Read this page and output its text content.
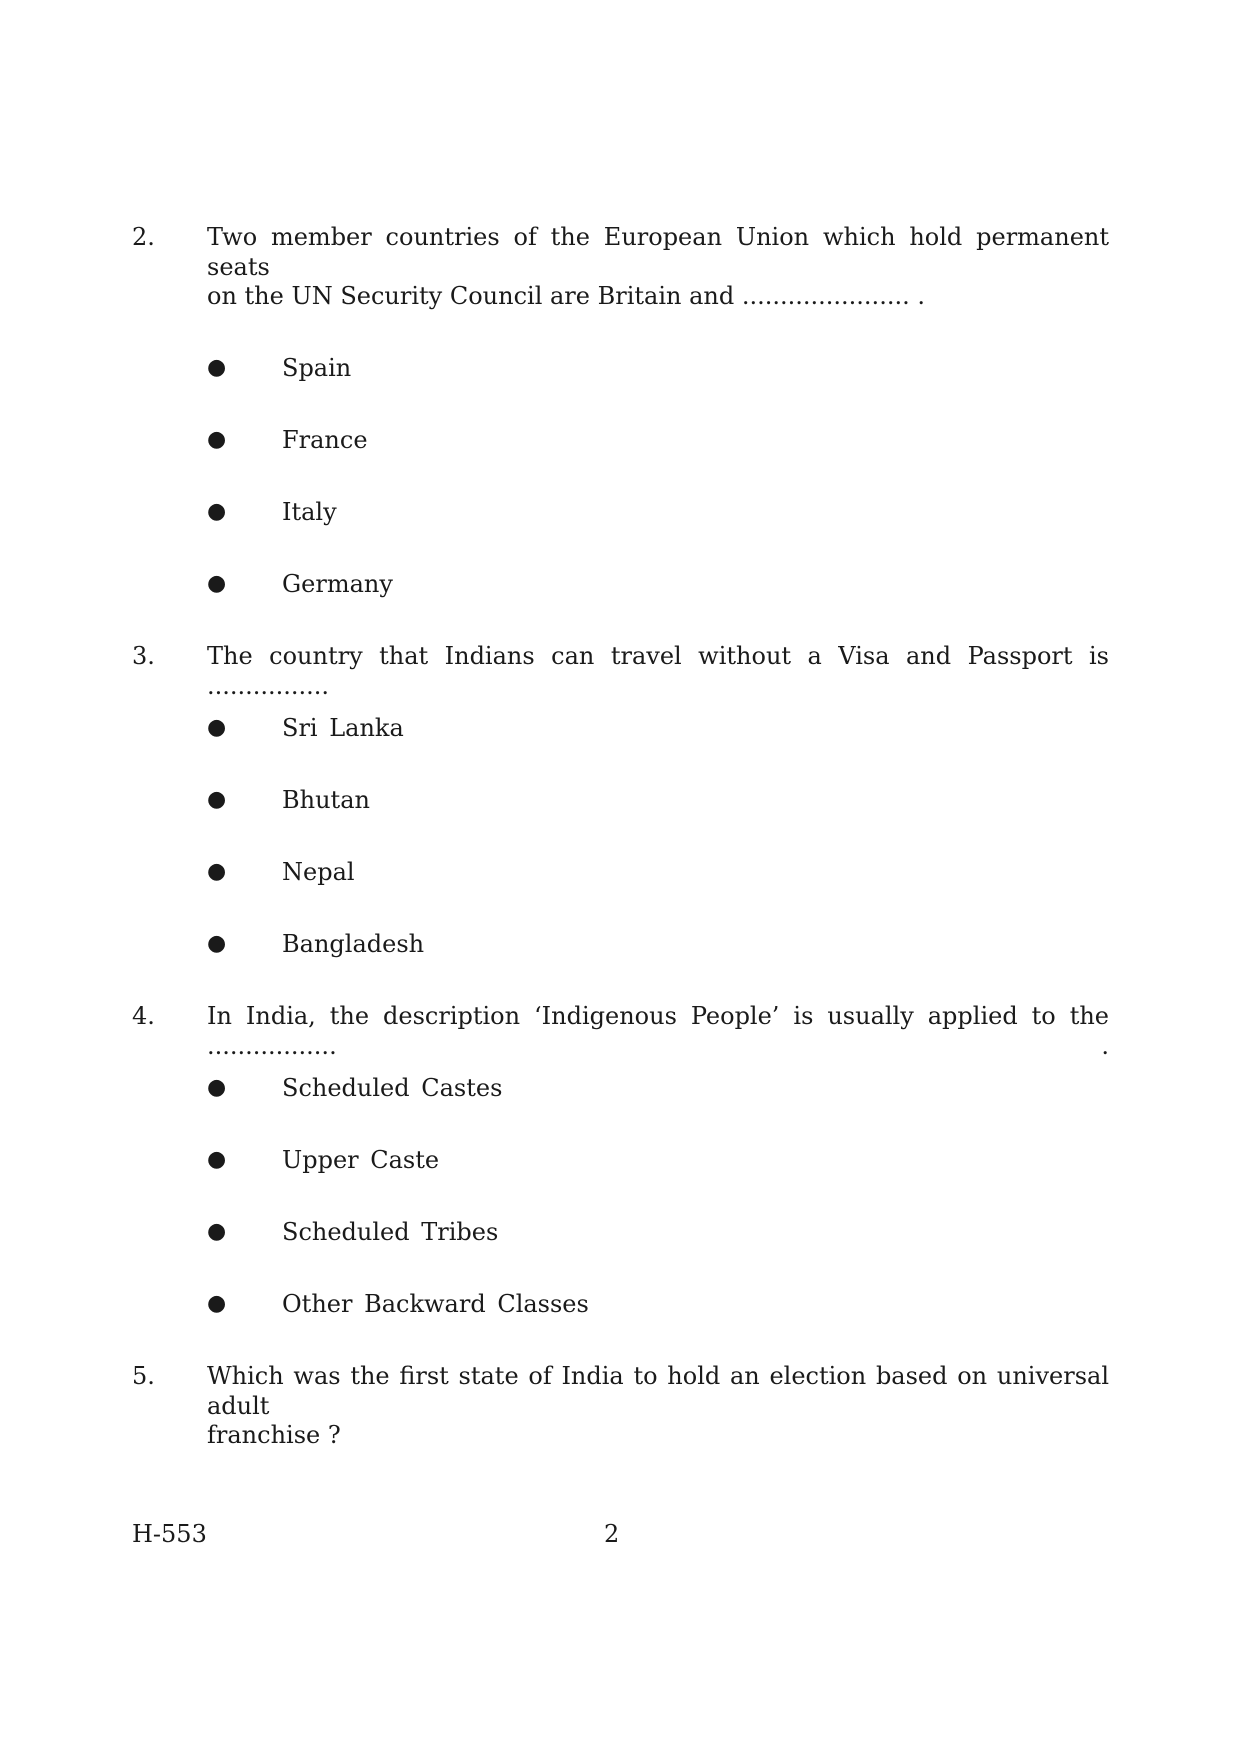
2. Two member countries of the European Union which hold permanent seats
on the UN Security Council are Britain and ...................... .
● Spain
● France
● Italy
● Germany
3. The country that Indians can travel without a Visa and Passport is ................
● Sri Lanka
● Bhutan
● Nepal
● Bangladesh
4. In India, the description ‘Indigenous People’ is usually applied to the ................. .
● Scheduled Castes
● Upper Caste
● Scheduled Tribes
● Other Backward Classes
5. Which was the first state of India to hold an election based on universal adult
franchise ?
H-553	2
